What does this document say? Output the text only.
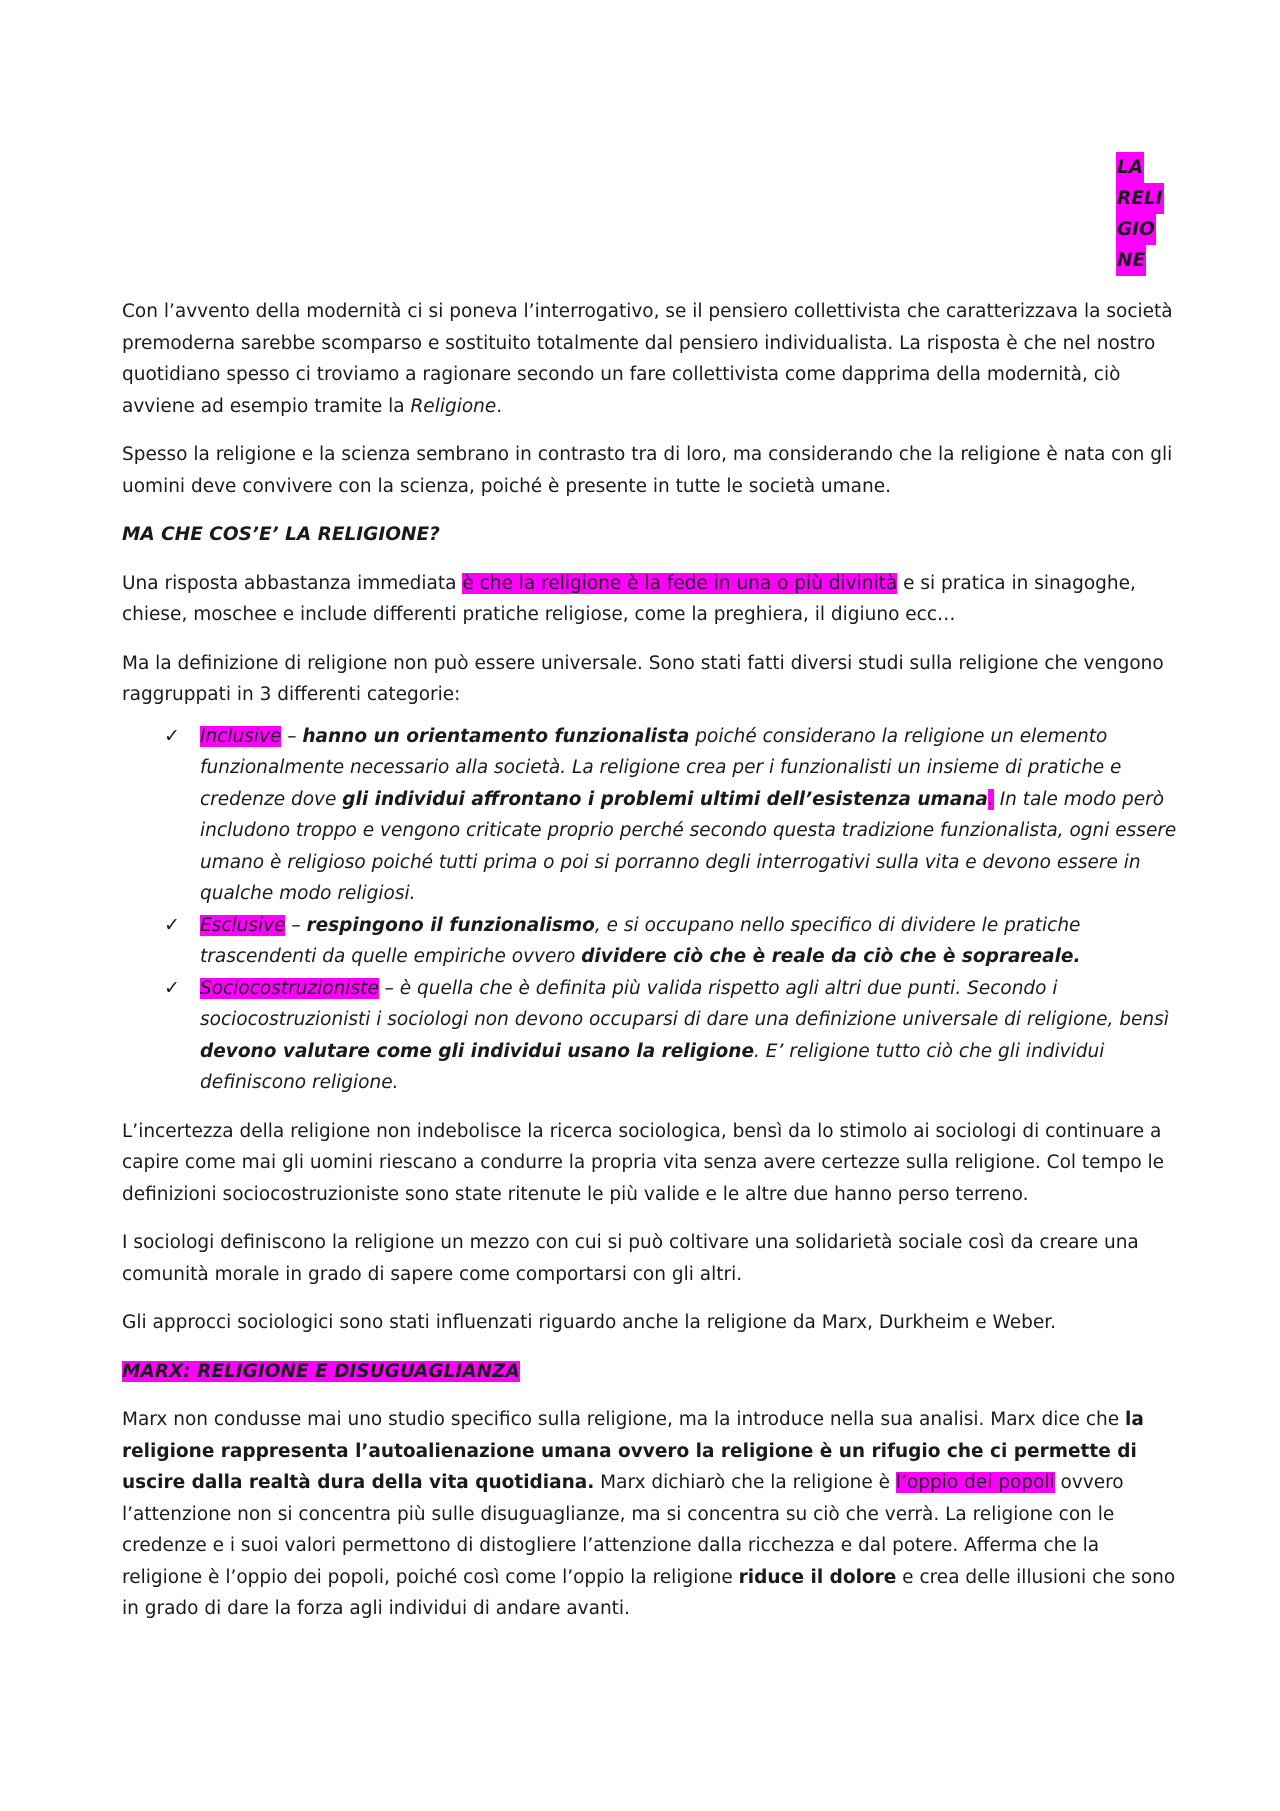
LA
RELI
GIO
NE

Con l’avvento della modernità ci si poneva l’interrogativo, se il pensiero collettivista che caratterizzava la società premoderna sarebbe scomparso e sostituito totalmente dal pensiero individualista. La risposta è che nel nostro quotidiano spesso ci troviamo a ragionare secondo un fare collettivista come dapprima della modernità, ciò avviene ad esempio tramite la Religione.

Spesso la religione e la scienza sembrano in contrasto tra di loro, ma considerando che la religione è nata con gli uomini deve convivere con la scienza, poiché è presente in tutte le società umane.

MA CHE COS’E’ LA RELIGIONE?

Una risposta abbastanza immediata è che la religione è la fede in una o più divinità e si pratica in sinagoghe, chiese, moschee e include differenti pratiche religiose, come la preghiera, il digiuno ecc…

Ma la definizione di religione non può essere universale. Sono stati fatti diversi studi sulla religione che vengono raggruppati in 3 differenti categorie:

✓ Inclusive – hanno un orientamento funzionalista poiché considerano la religione un elemento funzionalmente necessario alla società. La religione crea per i funzionalisti un insieme di pratiche e credenze dove gli individui affrontano i problemi ultimi dell’esistenza umana. In tale modo però includono troppo e vengono criticate proprio perché secondo questa tradizione funzionalista, ogni essere umano è religioso poiché tutti prima o poi si porranno degli interrogativi sulla vita e devono essere in qualche modo religiosi.
✓ Esclusive – respingono il funzionalismo, e si occupano nello specifico di dividere le pratiche trascendenti da quelle empiriche ovvero dividere ciò che è reale da ciò che è soprareale.
✓ Sociocostruzioniste – è quella che è definita più valida rispetto agli altri due punti. Secondo i sociocostruzionisti i sociologi non devono occuparsi di dare una definizione universale di religione, bensì devono valutare come gli individui usano la religione. E’ religione tutto ciò che gli individui definiscono religione.

L’incertezza della religione non indebolisce la ricerca sociologica, bensì da lo stimolo ai sociologi di continuare a capire come mai gli uomini riescano a condurre la propria vita senza avere certezze sulla religione. Col tempo le definizioni sociocostruzioniste sono state ritenute le più valide e le altre due hanno perso terreno.

I sociologi definiscono la religione un mezzo con cui si può coltivare una solidarietà sociale così da creare una comunità morale in grado di sapere come comportarsi con gli altri.

Gli approcci sociologici sono stati influenzati riguardo anche la religione da Marx, Durkheim e Weber.

MARX: RELIGIONE E DISUGUAGLIANZA

Marx non condusse mai uno studio specifico sulla religione, ma la introduce nella sua analisi. Marx dice che la religione rappresenta l’autoalienazione umana ovvero la religione è un rifugio che ci permette di uscire dalla realtà dura della vita quotidiana. Marx dichiarò che la religione è l’oppio dei popoli ovvero l’attenzione non si concentra più sulle disuguaglianze, ma si concentra su ciò che verrà. La religione con le credenze e i suoi valori permettono di distogliere l’attenzione dalla ricchezza e dal potere. Afferma che la religione è l’oppio dei popoli, poiché così come l’oppio la religione riduce il dolore e crea delle illusioni che sono in grado di dare la forza agli individui di andare avanti.
